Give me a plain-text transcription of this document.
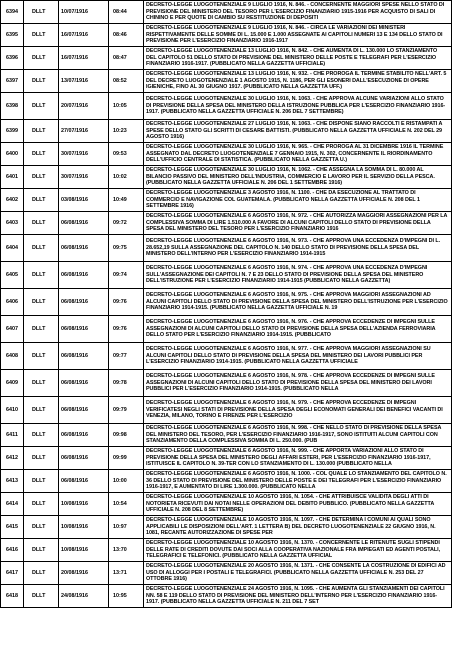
6394	DLLT	10/07/1916	08:44	DECRETO-LEGGE LUOGOTENENZIALE 9 LUGLIO 1916, N. 846. - CONCERNENTE MAGGIORI SPESE NELLO STATO DI PREVISIONE DEL MINISTERO DEL TESORO PER L'ESERCIZIO FINANZIARIO 1915-1916 PER ACQUISTO DI SALI DI CHININO E PER QUOTE DI CAMBIO SU RESTITUZIONE DI DEPOSITI
6395	DLLT	16/07/1916	08:46	DECRETO-LEGGE LUOGOTENENZIALE 9 LUGLIO 1916, N. 846. - CIRCA LE VARIAZIONI DEI MINISTERI RISPETTIVAMENTE DELLE SOMME DI L. 15.000 E 1.000 ASSEGNATE AI CAPITOLI NUMERI 13 E 134 DELLO STATO DI PREVISIONE PER L'ESERCIZIO FINANZIARIO 1916-1917
6396	DLLT	16/07/1916	08:47	DECRETO-LEGGE LUOGOTENENZIALE 13 LUGLIO 1916, N. 842. - CHE AUMENTA DI L. 130.000 LO STANZIAMENTO DEL CAPITOLO 51 DELLO STATO DI PREVISIONE DEL MINISTERO DELLE POSTE E TELEGRAFI PER L'ESERCIZIO FINANZIARIO 1916-1917. (PUBBLICATO NELLA GAZZETTA UFFICIALE)
6397	DLLT	13/07/1916	08:52	DECRETO-LEGGE LUOGOTENENZIALE 13 LUGLIO 1916, N. 932. - CHE PROROGA IL TERMINE STABILITO NELL'ART. 5 DEL DECRETO LUOGOTENENZIALE 1 AGOSTO 1915, N. 1186, PER GLI ESONERI DALL'ESECUZIONE DI OPERE IGIENICHE, FINO AL 30 GIUGNO 1917. (PUBBLICATO NELLA GAZZETTA UFF.)
6398	DLLT	20/07/1916	10:05	DECRETO-LEGGE LUOGOTENENZIALE 30 LUGLIO 1916, N. 1063. - CHE APPROVA ALCUNE VARIAZIONI ALLO STATO DI PREVISIONE DELLA SPESA DEL MINISTERO DELLA ISTRUZIONE PUBBLICA PER L'ESERCIZIO FINANZIARIO 1916-1917. (PUBBLICATO NELLA GAZZETTA UFFICIALE N. 206 DEL 7 SETTEMBRE)
6399	DLLT	27/07/1916	10:23	DECRETO-LEGGE LUOGOTENENZIALE 27 LUGLIO 1916, N. 1063. - CHE DISPONE SIANO RACCOLTI E RISTAMPATI A SPESE DELLO STATO GLI SCRITTI DI CESARE BATTISTI. (PUBBLICATO NELLA GAZZETTA UFFICIALE N. 202 DEL 29 AGOSTO 1916)
6400	DLLT	30/07/1916	09:53	DECRETO-LEGGE LUOGOTENENZIALE 30 LUGLIO 1916, N. 965. - CHE PROROGA AL 31 DICEMBRE 1916 IL TERMINE ASSEGNATO DAL DECRETO LUOGOTENENZIALE 7 GENNAIO 1915, N. 302, CONCERNENTE IL RIORDINAMENTO DELL'UFFICIO CENTRALE DI STATISTICA. (PUBBLICATO NELLA GAZZETTA U.)
6401	DLLT	30/07/1916	10:02	DECRETO-LEGGE LUOGOTENENZIALE 30 LUGLIO 1916, N. 1062. - CHE ASSEGNA LA SOMMA DI L. 80.000 AL BILANCIO PASSIVO DEL MINISTERO DELL'INDUSTRIA, COMMERCIO E LAVORO PER IL SERVIZIO DELLA PESCA. (PUBBLICATO NELLA GAZZETTA UFFICIALE N. 206 DEL 1 SETTEMBRE 1916)
6402	DLLT	03/08/1916	10:49	DECRETO-LEGGE LUOGOTENENZIALE 3 AGOSTO 1916, N. 1100. - CHE DA ESECUZIONE AL TRATTATO DI COMMERCIO E NAVIGAZIONE COL GUATEMALA. (PUBBLICATO NELLA GAZZETTA UFFICIALE N. 208 DEL 1 SETTEMBRE 1916)
6403	DLLT	06/08/1916	09:72	DECRETO-LEGGE LUOGOTENENZIALE 6 AGOSTO 1916, N. 972. - CHE AUTORIZZA MAGGIORI ASSEGNAZIONI PER LA COMPLESSIVA SOMMA DI LIRE 1.510.000 A FAVORE DI ALCUNI CAPITOLI DELLO STATO DI PREVISIONE DELLA SPESA DEL MINISTERO DEL TESORO PER L'ESERCIZIO FINANZIARIO 1916
6404	DLLT	06/08/1916	09:75	DECRETO-LEGGE LUOGOTENENZIALE 6 AGOSTO 1916, N. 973. - CHE APPROVA UNA ECCEDENZA D'IMPEGNI DI L. 28.652,19 SULLA ASSEGNAZIONE DEL CAPITOLO N. 140 DELLO STATO DI PREVISIONE DELLA SPESA DEL MINISTERO DELL'INTERNO PER L'ESERCIZIO FINANZIARIO 1914-1915
6405	DLLT	06/08/1916	09:74	DECRETO-LEGGE LUOGOTENENZIALE 6 AGOSTO 1916, N. 974. - CHE APPROVA UNA ECCEDENZA D'IMPEGNI SULL'ASSEGNAZIONE DEI CAPITOLI N. 7 E 23 DELLO STATO DI PREVISIONE DELLA SPESA DEL MINISTERO DELL'ISTRUZIONE PER L'ESERCIZIO FINANZIARIO 1914-1915 (PUBBLICATO NELLA GAZZETTA)
6406	DLLT	06/08/1916	09:76	DECRETO-LEGGE LUOGOTENENZIALE 6 AGOSTO 1916, N. 975. - CHE APPROVA MAGGIORI ASSEGNAZIONI AD ALCUNI CAPITOLI DELLO STATO DI PREVISIONE DELLA SPESA DEL MINISTERO DELL'ISTRUZIONE PER L'ESERCIZIO FINANZIARIO 1914-1915. (PUBBLICATO NELLA GAZZETTA UFFICIALE N. 19
6407	DLLT	06/08/1916	09:76	DECRETO-LEGGE LUOGOTENENZIALE 6 AGOSTO 1916, N. 976. - CHE APPROVA ECCEDENZE DI IMPEGNI SULLE ASSEGNAZIONI DI ALCUNI CAPITOLI DELLO STATO DI PREVISIONE DELLA SPESA DELL'AZIENDA FERROVIARIA DELLO STATO PER L'ESERCIZIO FINANZIARIO 1914-1915. (PUBBLICATO
6408	DLLT	06/08/1916	09:77	DECRETO-LEGGE LUOGOTENENZIALE 6 AGOSTO 1916, N. 977. - CHE APPROVA MAGGIORI ASSEGNAZIONI SU ALCUNI CAPITOLI DELLO STATO DI PREVISIONE DELLA SPESA DEL MINISTERO DEI LAVORI PUBBLICI PER L'ESERCIZIO FINANZIARIO 1914-1915. (PUBBLICATO NELLA GAZZETTA UFFICIALE
6409	DLLT	06/08/1916	09:78	DECRETO-LEGGE LUOGOTENENZIALE 6 AGOSTO 1916, N. 978. - CHE APPROVA ECCEDENZE DI IMPEGNI SULLE ASSEGNAZIONI DI ALCUNI CAPITOLI DELLO STATO DI PREVISIONE DELLA SPESA DEL MINISTERO DEI LAVORI PUBBLICI PER L'ESERCIZIO FINANZIARIO 1914-1915. (PUBBLICATO NELLA
6410	DLLT	06/08/1916	09:79	DECRETO-LEGGE LUOGOTENENZIALE 6 AGOSTO 1916, N. 979. - CHE APPROVA ECCEDENZE DI IMPEGNI VERIFICATESI NEGLI STATI DI PREVISIONE DELLA SPESA DEGLI ECONOMATI GENERALI DEI BENEFICI VACANTI DI VENEZIA, MILANO, TORINO E FIRENZE PER L'ESERCIZIO
6411	DLLT	06/08/1916	09:98	DECRETO-LEGGE LUOGOTENENZIALE 6 AGOSTO 1916, N. 998. - CHE NELLO STATO DI PREVISIONE DELLA SPESA DEL MINISTERO DEL TESORO, PER L'ESERCIZIO FINANZIARIO 1916-1917, SONO ISTITUITI ALCUNI CAPITOLI CON STANZIAMENTO DELLA COMPLESSIVA SOMMA DI L. 250.000. (PUB
6412	DLLT	06/08/1916	09:99	DECRETO-LEGGE LUOGOTENENZIALE 6 AGOSTO 1916, N. 999. - CHE APPORTA VARIAZIONI ALLO STATO DI PREVISIONE DELLA SPESA DEL MINISTERO DEGLI AFFARI ESTERI, PER L'ESERCIZIO FINANZIARIO 1916-1917, ISTITUISCE IL CAPITOLO N. 39-TER CON LO STANZIAMENTO DI L. 130.000 (PUBBLICATO NELLA
6413	DLLT	06/08/1916	10:00	DECRETO-LEGGE LUOGOTENENZIALE 6 AGOSTO 1916, N. 1000. - COL QUALE LO STANZIAMENTO DEL CAPITOLO N. 36 DELLO STATO DI PREVISIONE DEL MINISTERO DELLE POSTE E DEI TELEGRAFI PER L'ESERCIZIO FINANZIARIO 1916-1917, E AUMENTATO DI LIRE 1.300.000. (PUBBLICATO NELLA
6414	DLLT	10/08/1916	10:54	DECRETO-LEGGE LUOGOTENENZIALE 10 AGOSTO 1916, N. 1054. - CHE ATTRIBUISCE VALIDITA DEGLI ATTI DI NOTORIETA RICEVUTI DAI NOTAI NELLE OPERAZIONI DEL DEBITO PUBBLICO. (PUBBLICATO NELLA GAZZETTA UFFICIALE N. 208 DEL 8 SETTEMBRE)
6415	DLLT	10/08/1916	10:97	DECRETO-LEGGE LUOGOTENENZIALE 10 AGOSTO 1916, N. 1097. - CHE DETERMINA I COMUNI AI QUALI SONO APPLICABILI LE DISPOSIZIONI DELL'ART. 1 LETTERA B) DEL DECRETO LUOGOTENENZIALE 22 GIUGNO 1916, N. 1081, RECANTE AUTORIZZAZIONE DI SPESE PER
6416	DLLT	10/08/1916	13:70	DECRETO-LEGGE LUOGOTENENZIALE 10 AGOSTO 1916, N. 1370. - CONCERNENTE LE RITENUTE SUGLI STIPENDI DELLE RATE DI CREDITI DOVUTE DAI SOCI ALLA COOPERATIVA NAZIONALE FRA IMPIEGATI ED AGENTI POSTALI, TELEGRAFICI E TELEFONICI. (PUBBLICATO NELLA GAZZETTA UFFICIAL
6417	DLLT	20/08/1916	13:71	DECRETO-LEGGE LUOGOTENENZIALE 20 AGOSTO 1916, N. 1371. - CHE CONSENTE LA COSTRUZIONE DI EDIFICI AD USO DI ALLOGGI PER I POSTALI E TELEGRAFICI. (PUBBLICATO NELLA GAZZETTA UFFICIALE N. 253 DEL 27 OTTOBRE 1916)
6418	DLLT	24/08/1916	10:95	DECRETO-LEGGE LUOGOTENENZIALE 24 AGOSTO 1916, N. 1095. - CHE AUMENTA GLI STANZIAMENTI DEI CAPITOLI NN. 58 E 119 DELLO STATO DI PREVISIONE DEL MINISTERO DELL'INTERNO PER L'ESERCIZIO FINANZIARIO 1916-1917. (PUBBLICATO NELLA GAZZETTA UFFICIALE N. 211 DEL 7 SET
